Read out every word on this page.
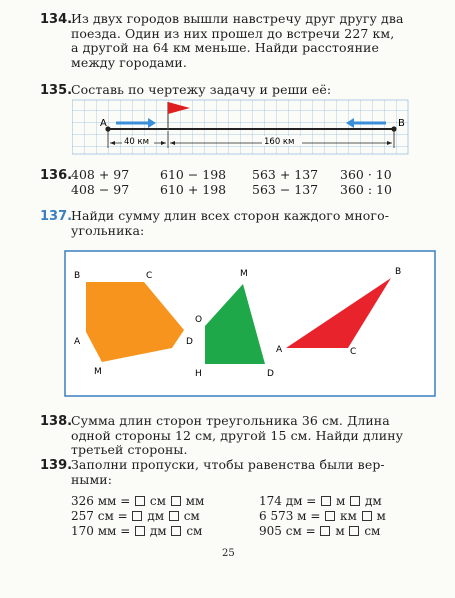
134.
Из двух городов вышли навстречу друг другу два
поезда. Один из них прошел до встречи 227 км,
а другой на 64 км меньше. Найди расстояние
между городами.
135.
Составь по чертежу задачу и реши её:
A	B
40 км	160 км
136.
408 + 97 610 − 198 563 + 137 360 · 10
408 − 97 610 + 198 563 − 137 360 : 10
137.
Найди сумму длин всех сторон каждого много-
угольника:
B	C
D
M
A
M
O
H	D
B
A	C
138.
Сумма длин сторон треугольника 36 см. Длина
одной стороны 12 см, другой 15 см. Найди длину
третьей стороны.
139.
Заполни пропуски, чтобы равенства были вер-
ными:
326 мм = см мм
257 см = дм см
170 мм = дм см
174 дм = м дм
6 573 м = км м
905 см = м см
25
